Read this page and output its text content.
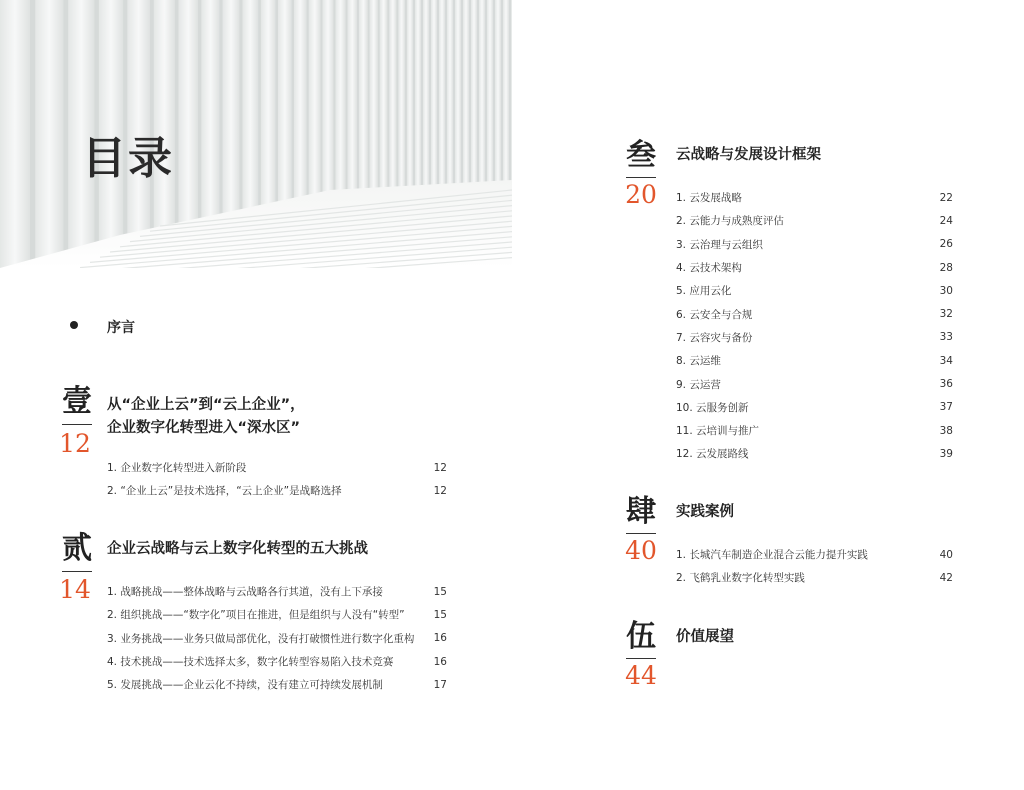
目录
序言
壹
12
从“企业上云”到“云上企业”，
企业数字化转型进入“深水区”
1. 企业数字化转型进入新阶段	12
2. “企业上云”是技术选择，“云上企业”是战略选择	12
贰
14
企业云战略与云上数字化转型的五大挑战
1. 战略挑战——整体战略与云战略各行其道，没有上下承接	15
2. 组织挑战——“数字化”项目在推进，但是组织与人没有“转型”	15
3. 业务挑战——业务只做局部优化，没有打破惯性进行数字化重构 16
4. 技术挑战——技术选择太多，数字化转型容易陷入技术竞赛	16
5. 发展挑战——企业云化不持续，没有建立可持续发展机制	17
叁
20
云战略与发展设计框架
1. 云发展战略	22
2. 云能力与成熟度评估	24
3. 云治理与云组织	26
4. 云技术架构	28
5. 应用云化	30
6. 云安全与合规	32
7. 云容灾与备份	33
8. 云运维	34
9. 云运营	36
10. 云服务创新	37
11. 云培训与推广	38
12. 云发展路线	39
肆
40
实践案例
1. 长城汽车制造企业混合云能力提升实践	40
2. 飞鹤乳业数字化转型实践	42
伍
44
价值展望
